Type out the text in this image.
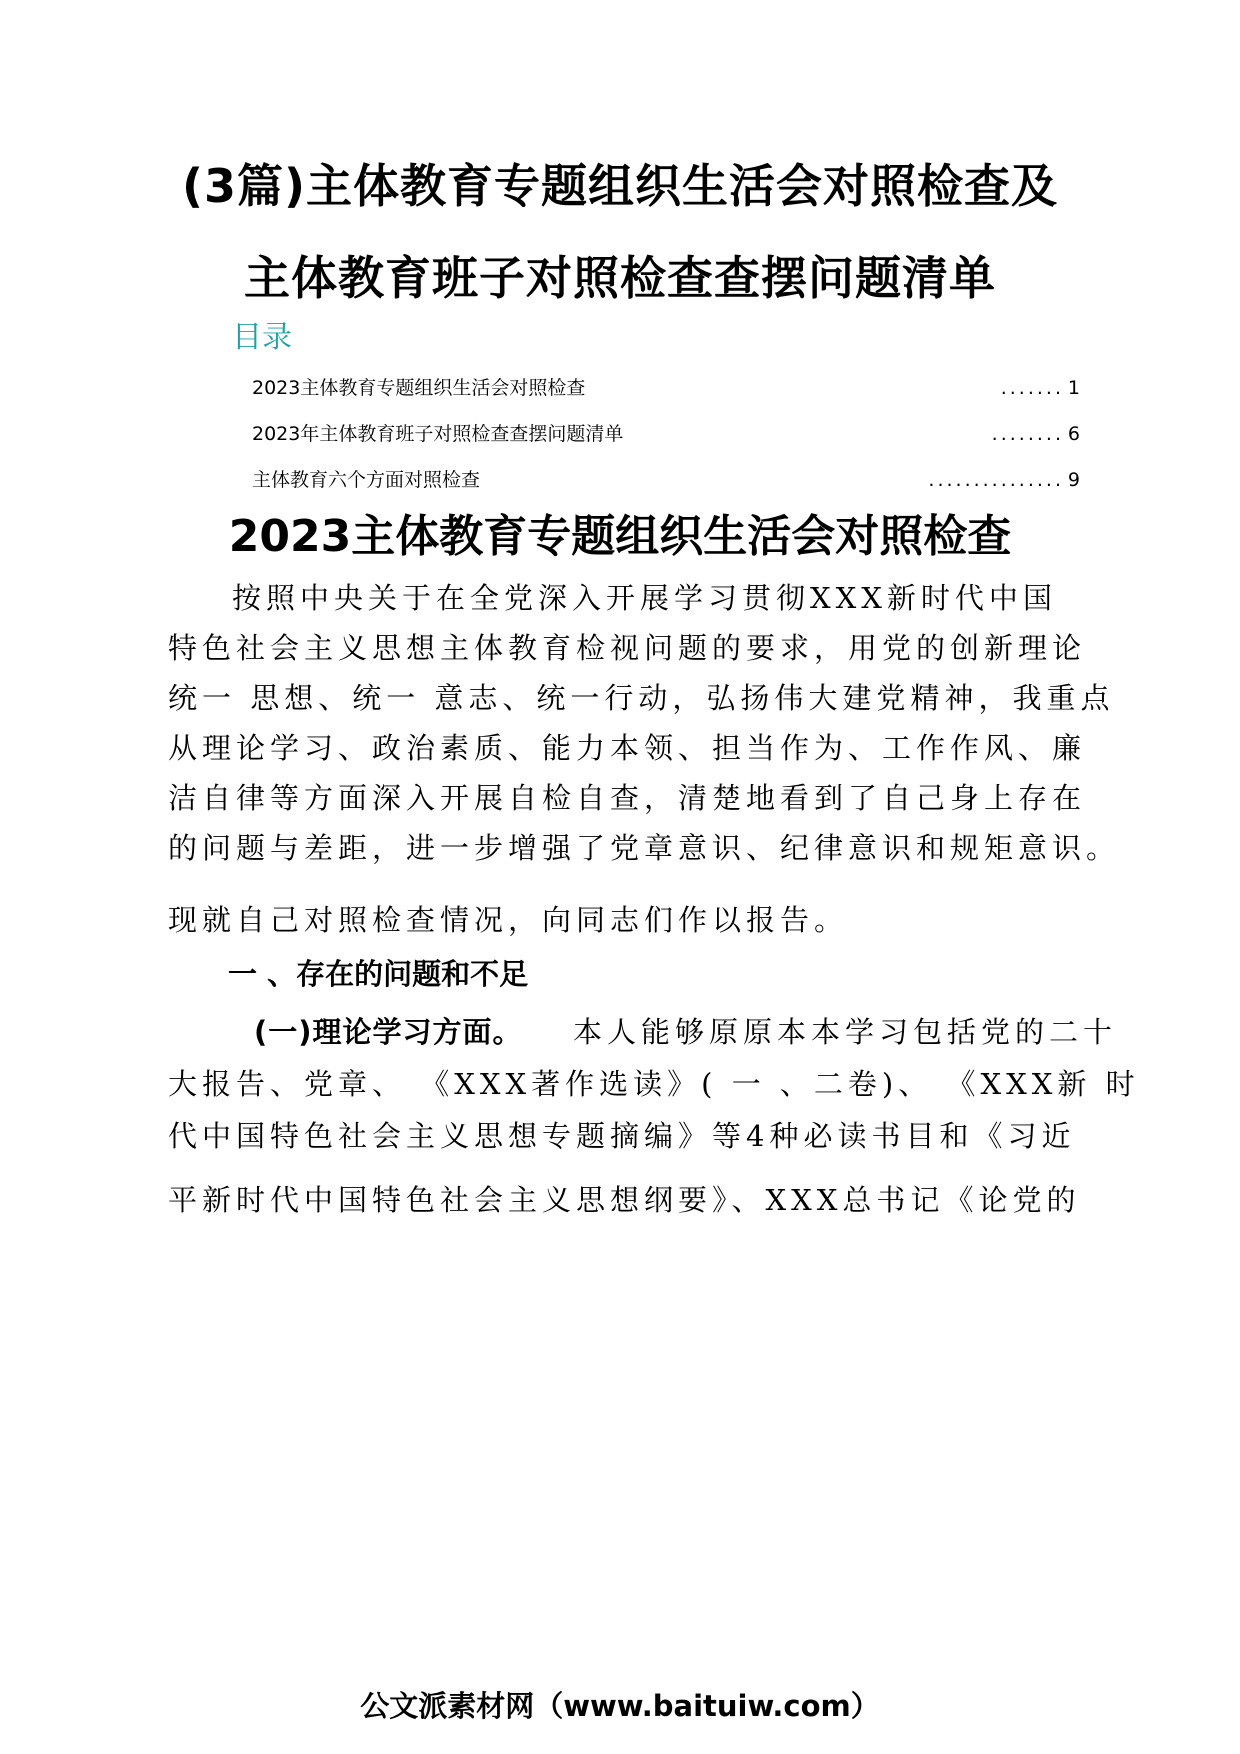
(3篇)主体教育专题组织生活会对照检查及
主体教育班子对照检查查摆问题清单
目录
2023主体教育专题组织生活会对照检查	....... 1
2023年主体教育班子对照检查查摆问题清单	........ 6
主体教育六个方面对照检查	............... 9
2023主体教育专题组织生活会对照检查
按照中央关于在全党深入开展学习贯彻XXX新时代中国
特色社会主义思想主体教育检视问题的要求，用党的创新理论
统一 思想、统一 意志、统一行动，弘扬伟大建党精神，我重点
从理论学习、政治素质、能力本领、担当作为、工作作风、廉
洁自律等方面深入开展自检自查，清楚地看到了自己身上存在
的问题与差距，进一步增强了党章意识、纪律意识和规矩意识。
现就自己对照检查情况，向同志们作以报告。
一 、存在的问题和不足
(一)理论学习方面。 本人能够原原本本学习包括党的二十
大报告、党章、 《XXX著作选读》( 一 、二卷)、 《XXX新 时
代中国特色社会主义思想专题摘编》等4种必读书目和《习近
平新时代中国特色社会主义思想纲要》、XXX总书记《论党的
公文派素材网（www.baituiw.com）
